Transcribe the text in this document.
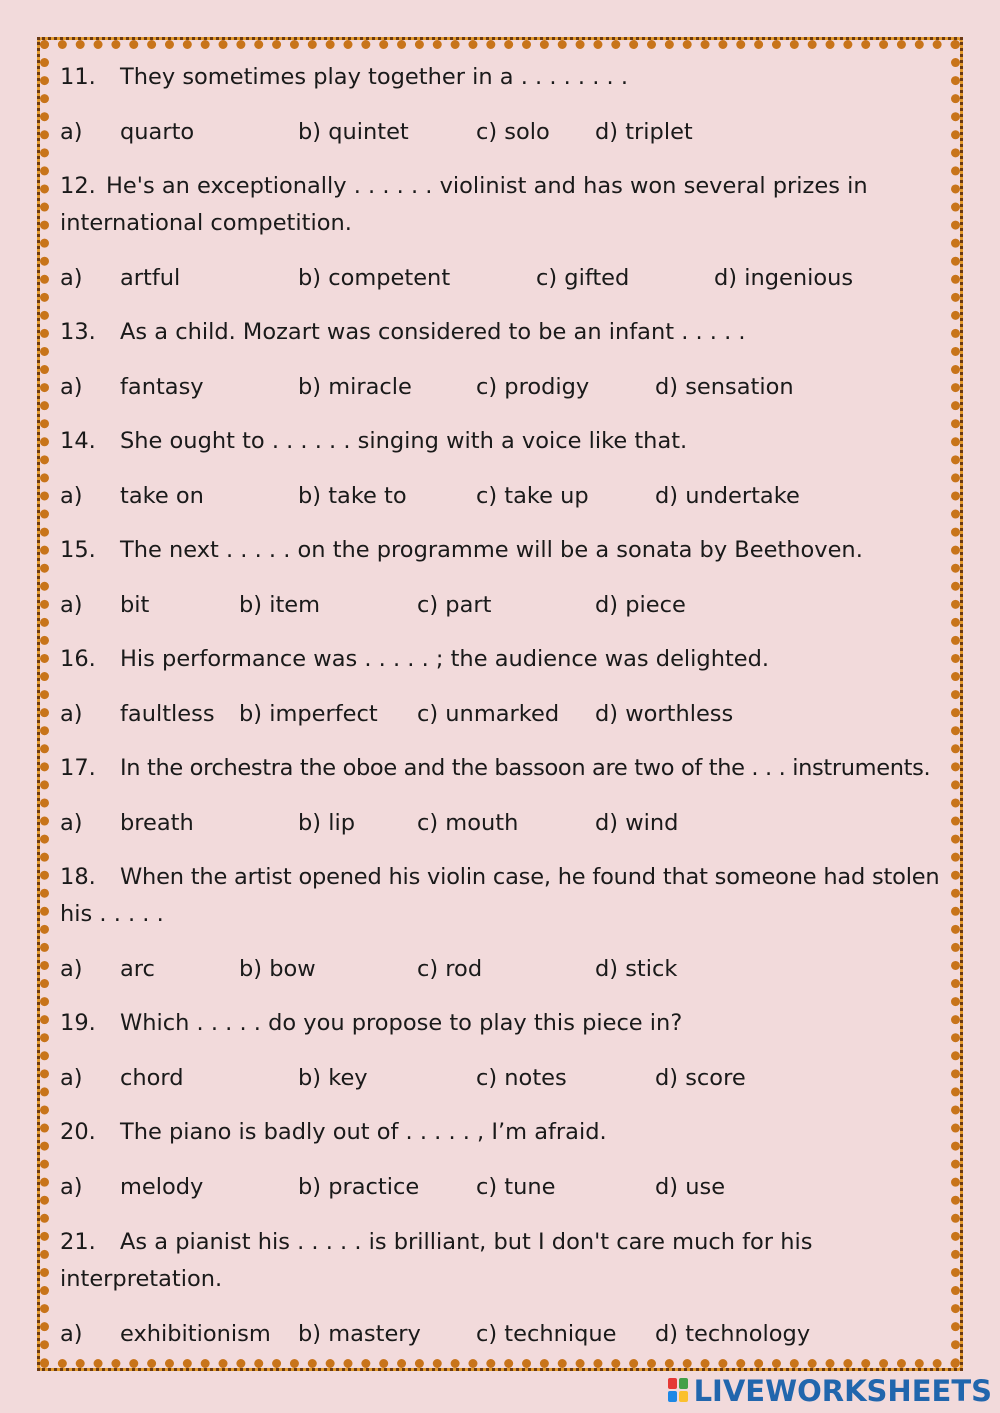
11. They sometimes play together in a . . . . . . . .
a) quarto	b) quintet	c) solo d) triplet
12. He's an exceptionally . . . . . . violinist and has won several prizes in
international competition.
a) artful	b) competent	c) gifted	d) ingenious
13. As a child. Mozart was considered to be an infant . . . . .
a) fantasy	b) miracle	c) prodigy	d) sensation
14. She ought to . . . . . . singing with a voice like that.
a) take on	b) take to	c) take up	d) undertake
15. The next . . . . . on the programme will be a sonata by Beethoven.
a) bit	b) item	c) part	d) piece
16. His performance was . . . . . ; the audience was delighted.
a) faultless b) imperfect c) unmarked d) worthless
17. In the orchestra the oboe and the bassoon are two of the . . . instruments.
a) breath	b) lip	c) mouth	d) wind
18. When the artist opened his violin case, he found that someone had stolen
his . . . . .
a) arc	b) bow	c) rod	d) stick
19. Which . . . . . do you propose to play this piece in?
a) chord	b) key	c) notes	d) score
20. The piano is badly out of . . . . . , I’m afraid.
a) melody	b) practice	c) tune	d) use
21. As a pianist his . . . . . is brilliant, but I don't care much for his
interpretation.
a) exhibitionism b) mastery c) technique d) technology
LIVEWORKSHEETS
